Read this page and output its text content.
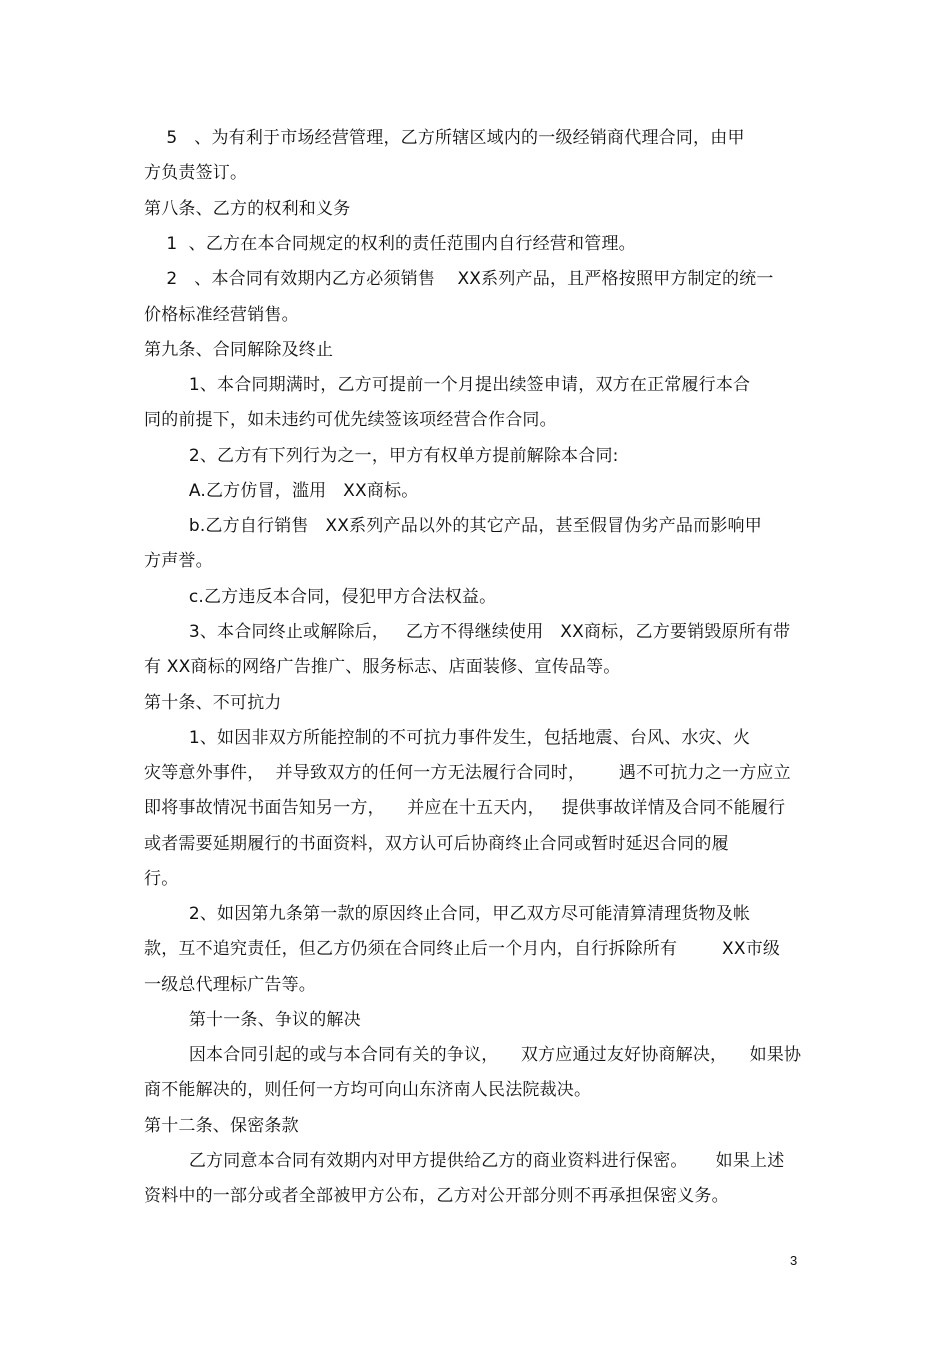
5   、为有利于市场经营管理，乙方所辖区域内的一级经销商代理合同，由甲
方负责签订。
第八条、乙方的权利和义务
1  、乙方在本合同规定的权利的责任范围内自行经营和管理。
2   、本合同有效期内乙方必须销售    XX系列产品，且严格按照甲方制定的统一
价格标准经营销售。
第九条、合同解除及终止
1、本合同期满时，乙方可提前一个月提出续签申请，双方在正常履行本合
同的前提下，如未违约可优先续签该项经营合作合同。
2、乙方有下列行为之一，甲方有权单方提前解除本合同:
A.乙方仿冒，滥用   XX商标。
b.乙方自行销售   XX系列产品以外的其它产品，甚至假冒伪劣产品而影响甲
方声誉。
c.乙方违反本合同，侵犯甲方合法权益。
3、本合同终止或解除后，   乙方不得继续使用   XX商标，乙方要销毁原所有带
有 XX商标的网络广告推广、服务标志、店面装修、宣传品等。
第十条、不可抗力
1、如因非双方所能控制的不可抗力事件发生，包括地震、台风、水灾、火
灾等意外事件，  并导致双方的任何一方无法履行合同时，      遇不可抗力之一方应立
即将事故情况书面告知另一方，    并应在十五天内，   提供事故详情及合同不能履行
或者需要延期履行的书面资料，双方认可后协商终止合同或暂时延迟合同的履
行。
2、如因第九条第一款的原因终止合同，甲乙双方尽可能清算清理货物及帐
款，互不追究责任，但乙方仍须在合同终止后一个月内，自行拆除所有        XX市级
一级总代理标广告等。
第十一条、争议的解决
因本合同引起的或与本合同有关的争议，    双方应通过友好协商解决，    如果协
商不能解决的，则任何一方均可向山东济南人民法院裁决。
第十二条、保密条款
乙方同意本合同有效期内对甲方提供给乙方的商业资料进行保密。     如果上述
资料中的一部分或者全部被甲方公布，乙方对公开部分则不再承担保密义务。
3
